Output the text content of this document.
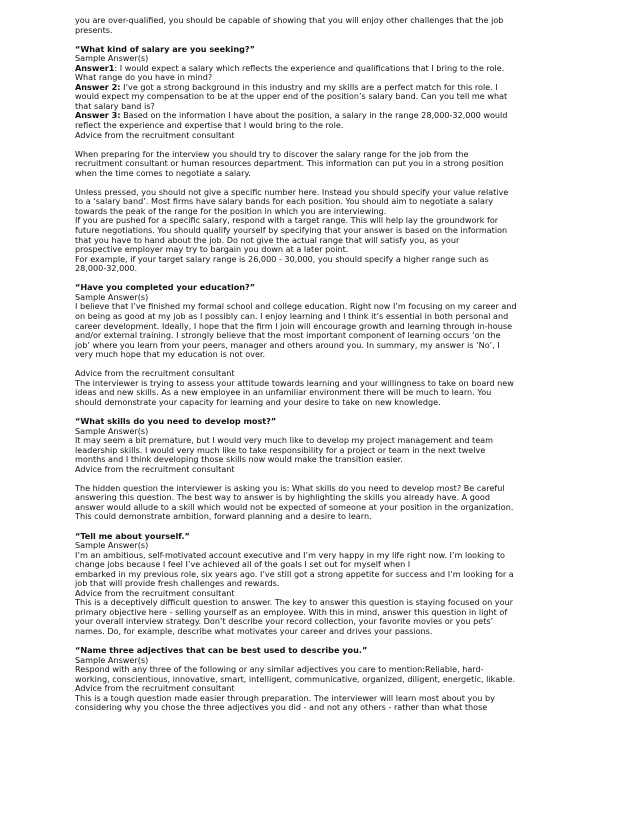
you are over-qualified, you should be capable of showing that you will enjoy other challenges that the job

presents.

“What kind of salary are you seeking?”

Sample Answer(s)

Answer1: I would expect a salary which reflects the experience and qualifications that I bring to the role.

What range do you have in mind?

Answer 2: I’ve got a strong background in this industry and my skills are a perfect match for this role. I

would expect my compensation to be at the upper end of the position’s salary band. Can you tell me what

that salary band is?

Answer 3: Based on the information I have about the position, a salary in the range 28,000-32,000 would

reflect the experience and expertise that I would bring to the role.

Advice from the recruitment consultant

When preparing for the interview you should try to discover the salary range for the job from the

recruitment consultant or human resources department. This information can put you in a strong position

when the time comes to negotiate a salary.

Unless pressed, you should not give a specific number here. Instead you should specify your value relative

to a ‘salary band’. Most firms have salary bands for each position. You should aim to negotiate a salary

towards the peak of the range for the position in which you are interviewing.

If you are pushed for a specific salary, respond with a target range. This will help lay the groundwork for

future negotiations. You should qualify yourself by specifying that your answer is based on the information

that you have to hand about the job. Do not give the actual range that will satisfy you, as your

prospective employer may try to bargain you down at a later point.

For example, if your target salary range is 26,000 - 30,000, you should specify a higher range such as

28,000-32,000.

“Have you completed your education?”

Sample Answer(s)

I believe that I’ve finished my formal school and college education. Right now I’m focusing on my career and

on being as good at my job as I possibly can. I enjoy learning and I think it’s essential in both personal and

career development. Ideally, I hope that the firm I join will encourage growth and learning through in-house

and/or external training. I strongly believe that the most important component of learning occurs ‘on the

job’ where you learn from your peers, manager and others around you. In summary, my answer is ‘No’, I

very much hope that my education is not over.

Advice from the recruitment consultant

The interviewer is trying to assess your attitude towards learning and your willingness to take on board new

ideas and new skills. As a new employee in an unfamiliar environment there will be much to learn. You

should demonstrate your capacity for learning and your desire to take on new knowledge.

“What skills do you need to develop most?”

Sample Answer(s)

It may seem a bit premature, but I would very much like to develop my project management and team

leadership skills. I would very much like to take responsibility for a project or team in the next twelve

months and I think developing those skills now would make the transition easier.

Advice from the recruitment consultant

The hidden question the interviewer is asking you is: What skills do you need to develop most? Be careful

answering this question. The best way to answer is by highlighting the skills you already have. A good

answer would allude to a skill which would not be expected of someone at your position in the organization.

This could demonstrate ambition, forward planning and a desire to learn.

“Tell me about yourself.”

Sample Answer(s)

I’m an ambitious, self-motivated account executive and I’m very happy in my life right now. I’m looking to

change jobs because I feel I’ve achieved all of the goals I set out for myself when I

embarked in my previous role, six years ago. I’ve still got a strong appetite for success and I’m looking for a

job that will provide fresh challenges and rewards.

Advice from the recruitment consultant

This is a deceptively difficult question to answer. The key to answer this question is staying focused on your

primary objective here - selling yourself as an employee. With this in mind, answer this question in light of

your overall interview strategy. Don’t describe your record collection, your favorite movies or you pets’

names. Do, for example, describe what motivates your career and drives your passions.

“Name three adjectives that can be best used to describe you.”

Sample Answer(s)

Respond with any three of the following or any similar adjectives you care to mention:Reliable, hard-

working, conscientious, innovative, smart, intelligent, communicative, organized, diligent, energetic, likable.

Advice from the recruitment consultant

This is a tough question made easier through preparation. The interviewer will learn most about you by

considering why you chose the three adjectives you did - and not any others - rather than what those
